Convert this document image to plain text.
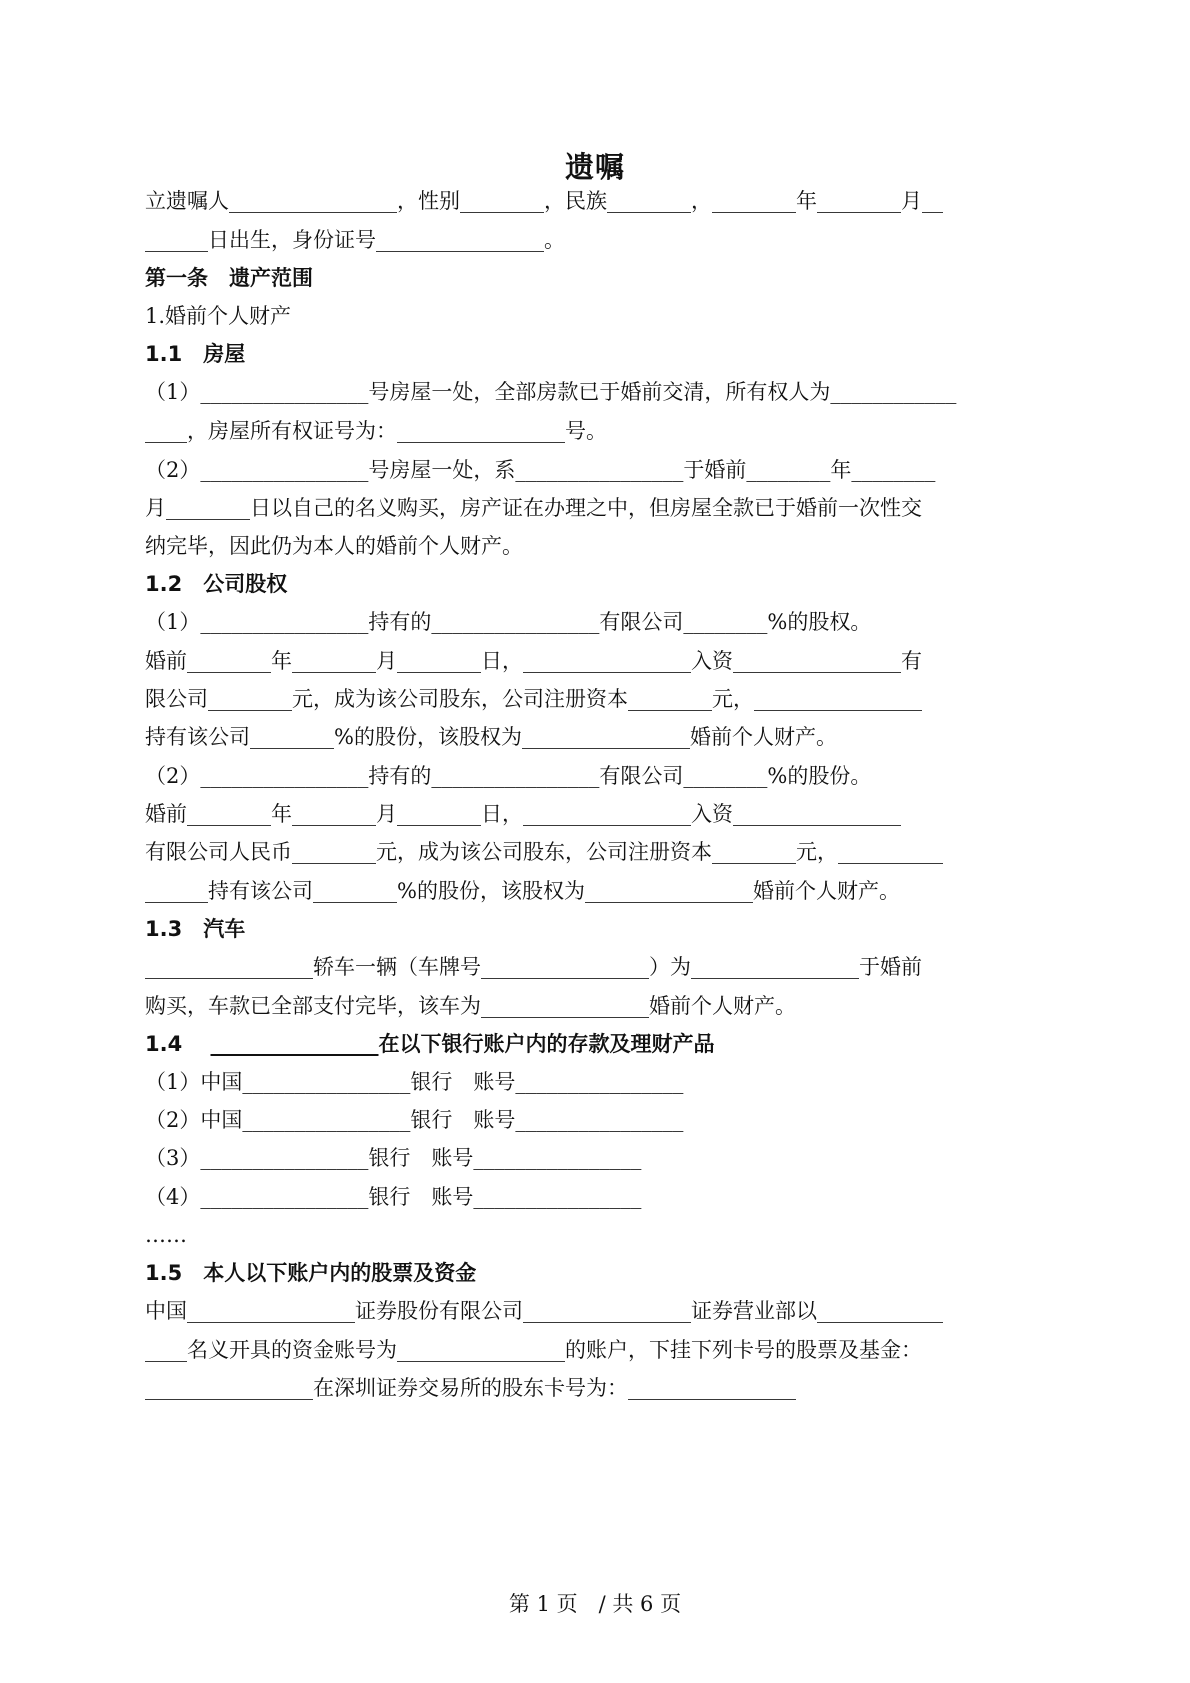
遗嘱
立遗嘱人________________，性别________，民族________，________年________月__
______日出生，身份证号________________。
第一条　遗产范围
1.婚前个人财产
1.1　房屋
（1）________________号房屋一处，全部房款已于婚前交清，所有权人为____________
____，房屋所有权证号为：________________号。
（2）________________号房屋一处，系________________于婚前________年________
月________日以自己的名义购买，房产证在办理之中，但房屋全款已于婚前一次性交
纳完毕，因此仍为本人的婚前个人财产。
1.2　公司股权
（1）________________持有的________________有限公司________%的股权。
婚前________年________月________日，________________入资________________有
限公司________元，成为该公司股东，公司注册资本________元，________________
持有该公司________%的股份，该股权为________________婚前个人财产。
（2）________________持有的________________有限公司________%的股份。
婚前________年________月________日，________________入资________________
有限公司人民币________元，成为该公司股东，公司注册资本________元，__________
______持有该公司________%的股份，该股权为________________婚前个人财产。
1.3　汽车
________________轿车一辆（车牌号________________）为________________于婚前
购买，车款已全部支付完毕，该车为________________婚前个人财产。
1.4　 ________________在以下银行账户内的存款及理财产品
（1）中国________________银行　账号________________
（2）中国________________银行　账号________________
（3）________________银行　账号________________
（4）________________银行　账号________________
……
1.5　本人以下账户内的股票及资金
中国________________证券股份有限公司________________证券营业部以____________
____名义开具的资金账号为________________的账户，下挂下列卡号的股票及基金：
________________在深圳证券交易所的股东卡号为：________________
第 1 页　/ 共 6 页
